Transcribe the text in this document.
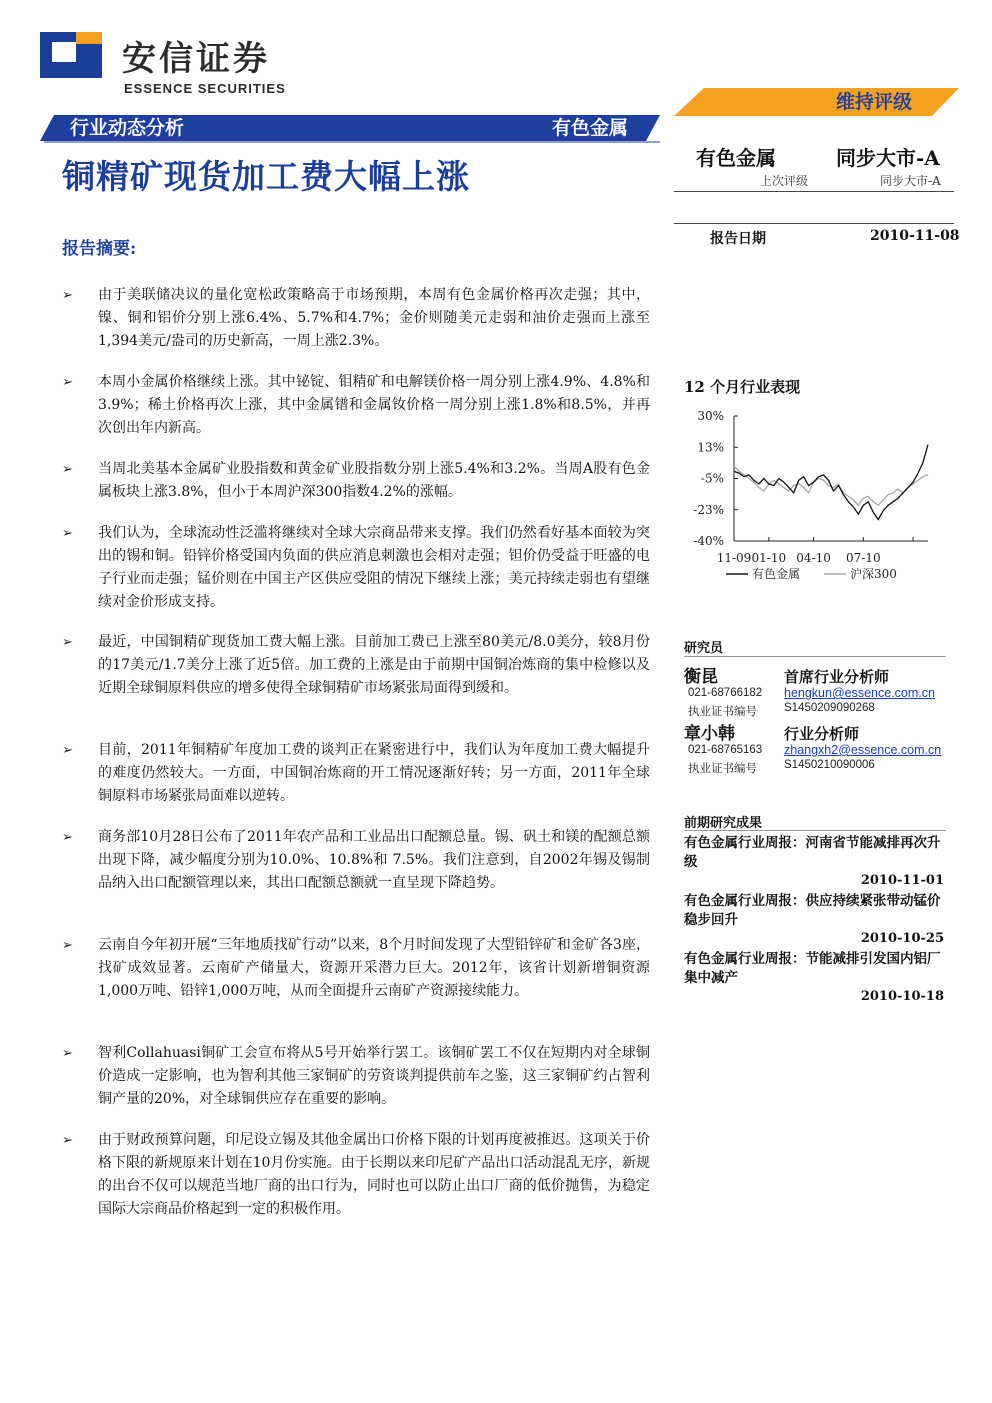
安信证券
ESSENCE SECURITIES
维持评级
行业动态分析	有色金属
铜精矿现货加工费大幅上涨
报告摘要:
➢ 由于美联储决议的量化宽松政策略高于市场预期，本周有色金属价格再次走强；其中，镍、铜和铝价分别上涨6.4%、5.7%和4.7%；金价则随美元走弱和油价走强而上涨至1,394美元/盎司的历史新高，一周上涨2.3%。
➢ 本周小金属价格继续上涨。其中铋锭、钼精矿和电解镁价格一周分别上涨4.9%、4.8%和3.9%；稀土价格再次上涨，其中金属镨和金属钕价格一周分别上涨1.8%和8.5%，并再次创出年内新高。
➢ 当周北美基本金属矿业股指数和黄金矿业股指数分别上涨5.4%和3.2%。当周A股有色金属板块上涨3.8%，但小于本周沪深300指数4.2%的涨幅。
➢ 我们认为，全球流动性泛滥将继续对全球大宗商品带来支撑。我们仍然看好基本面较为突出的锡和铜。铅锌价格受国内负面的供应消息刺激也会相对走强；钽价仍受益于旺盛的电子行业而走强；锰价则在中国主产区供应受阻的情况下继续上涨；美元持续走弱也有望继续对金价形成支持。
➢ 最近，中国铜精矿现货加工费大幅上涨。目前加工费已上涨至80美元/8.0美分，较8月份的17美元/1.7美分上涨了近5倍。加工费的上涨是由于前期中国铜冶炼商的集中检修以及近期全球铜原料供应的增多使得全球铜精矿市场紧张局面得到缓和。
➢ 目前，2011年铜精矿年度加工费的谈判正在紧密进行中，我们认为年度加工费大幅提升的难度仍然较大。一方面，中国铜冶炼商的开工情况逐渐好转；另一方面，2011年全球铜原料市场紧张局面难以逆转。
➢ 商务部10月28日公布了2011年农产品和工业品出口配额总量。锡、矾土和镁的配额总额出现下降，减少幅度分别为10.0%、10.8%和 7.5%。我们注意到，自2002年锡及锡制品纳入出口配额管理以来，其出口配额总额就一直呈现下降趋势。
➢ 云南自今年初开展“三年地质找矿行动”以来，8个月时间发现了大型铅锌矿和金矿各3座，找矿成效显著。云南矿产储量大，资源开采潜力巨大。2012年，该省计划新增铜资源1,000万吨、铅锌1,000万吨，从而全面提升云南矿产资源接续能力。
➢ 智利Collahuasi铜矿工会宣布将从5号开始举行罢工。该铜矿罢工不仅在短期内对全球铜价造成一定影响，也为智利其他三家铜矿的劳资谈判提供前车之鉴，这三家铜矿约占智利铜产量的20%，对全球铜供应存在重要的影响。
➢ 由于财政预算问题，印尼设立锡及其他金属出口价格下限的计划再度被推迟。这项关于价格下限的新规原来计划在10月份实施。由于长期以来印尼矿产品出口活动混乱无序，新规的出台不仅可以规范当地厂商的出口行为，同时也可以防止出口厂商的低价抛售，为稳定国际大宗商品价格起到一定的积极作用。
有色金属	同步大市-A
上次评级	同步大市-A
报告日期	2010-11-08
12 个月行业表现
30%
13%
-5%
-23%
-40%
11-09 01-10 04-10 07-10
有色金属	沪深300
研究员
衡昆	首席行业分析师
021-68766182 hengkun@essence.com.cn
执业证书编号 S1450209090268
章小韩	行业分析师
021-68765163 zhangxh2@essence.com.cn
执业证书编号 S1450210090006
前期研究成果
有色金属行业周报：河南省节能减排再次升级
2010-11-01
有色金属行业周报：供应持续紧张带动锰价稳步回升
2010-10-25
有色金属行业周报：节能减排引发国内铝厂集中减产
2010-10-18
